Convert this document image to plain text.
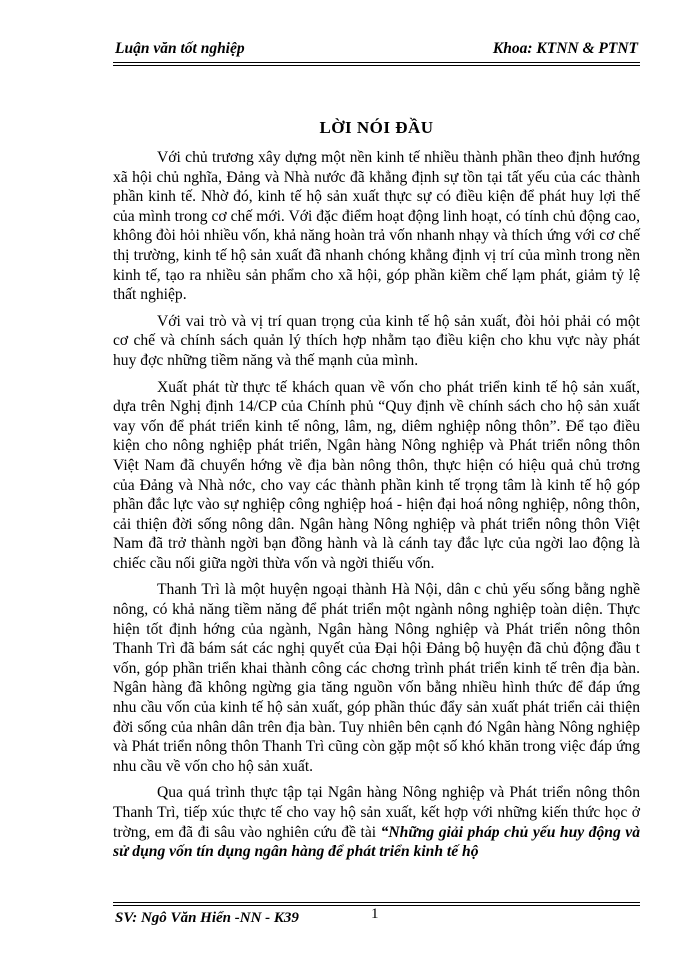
Luận văn tốt nghiệp	Khoa: KTNN & PTNT
LỜI NÓI ĐẦU

Với chủ trương xây dựng một nền kinh tế nhiều thành phần theo định hướng xã hội chủ nghĩa, Đảng và Nhà nước đã khẳng định sự tồn tại tất yếu của các thành phần kinh tế. Nhờ đó, kinh tế hộ sản xuất thực sự có điều kiện để phát huy lợi thế của mình trong cơ chế mới. Với đặc điểm hoạt động linh hoạt, có tính chủ động cao, không đòi hỏi nhiều vốn, khả năng hoàn trả vốn nhanh nhạy và thích ứng với cơ chế thị trường, kinh tế hộ sản xuất đã nhanh chóng khẳng định vị trí của mình trong nền kinh tế, tạo ra nhiều sản phẩm cho xã hội, góp phần kiềm chế lạm phát, giảm tỷ lệ thất nghiệp.

Với vai trò và vị trí quan trọng của kinh tế hộ sản xuất, đòi hỏi phải có một cơ chế và chính sách quản lý thích hợp nhằm tạo điều kiện cho khu vực này phát huy đợc những tiềm năng và thế mạnh của mình.

Xuất phát từ thực tế khách quan về vốn cho phát triển kinh tế hộ sản xuất, dựa trên Nghị định 14/CP của Chính phủ “Quy định về chính sách cho hộ sản xuất vay vốn để phát triển kinh tế nông, lâm, ng, diêm nghiệp nông thôn”. Để tạo điều kiện cho nông nghiệp phát triển, Ngân hàng Nông nghiệp và Phát triển nông thôn Việt Nam đã chuyển hớng về địa bàn nông thôn, thực hiện có hiệu quả chủ trơng của Đảng và Nhà nớc, cho vay các thành phần kinh tế trọng tâm là kinh tế hộ góp phần đắc lực vào sự nghiệp công nghiệp hoá - hiện đại hoá nông nghiệp, nông thôn, cải thiện đời sống nông dân. Ngân hàng Nông nghiệp và phát triển nông thôn Việt Nam đã trở thành ngời bạn đồng hành và là cánh tay đắc lực của ngời lao động là chiếc cầu nối giữa ngời thừa vốn và ngời thiếu vốn.

Thanh Trì là một huyện ngoại thành Hà Nội, dân c chủ yếu sống bằng nghề nông, có khả năng tiềm năng để phát triển một ngành nông nghiệp toàn diện. Thực hiện tốt định hớng của ngành, Ngân hàng Nông nghiệp và Phát triển nông thôn Thanh Trì đã bám sát các nghị quyết của Đại hội Đảng bộ huyện đã chủ động đầu t vốn, góp phần triển khai thành công các chơng trình phát triển kinh tế trên địa bàn. Ngân hàng đã không ngừng gia tăng nguồn vốn bằng nhiều hình thức để đáp ứng nhu cầu vốn của kinh tế hộ sản xuất, góp phần thúc đẩy sản xuất phát triển cải thiện đời sống của nhân dân trên địa bàn. Tuy nhiên bên cạnh đó Ngân hàng Nông nghiệp và Phát triển nông thôn Thanh Trì cũng còn gặp một số khó khăn trong việc đáp ứng nhu cầu về vốn cho hộ sản xuất.

Qua quá trình thực tập tại Ngân hàng Nông nghiệp và Phát triển nông thôn Thanh Trì, tiếp xúc thực tế cho vay hộ sản xuất, kết hợp với những kiến thức học ở trờng, em đã đi sâu vào nghiên cứu đề tài “Những giải pháp chủ yếu huy động và sử dụng vốn tín dụng ngân hàng để phát triển kinh tế hộ

SV: Ngô Văn Hiển -NN - K39	1
